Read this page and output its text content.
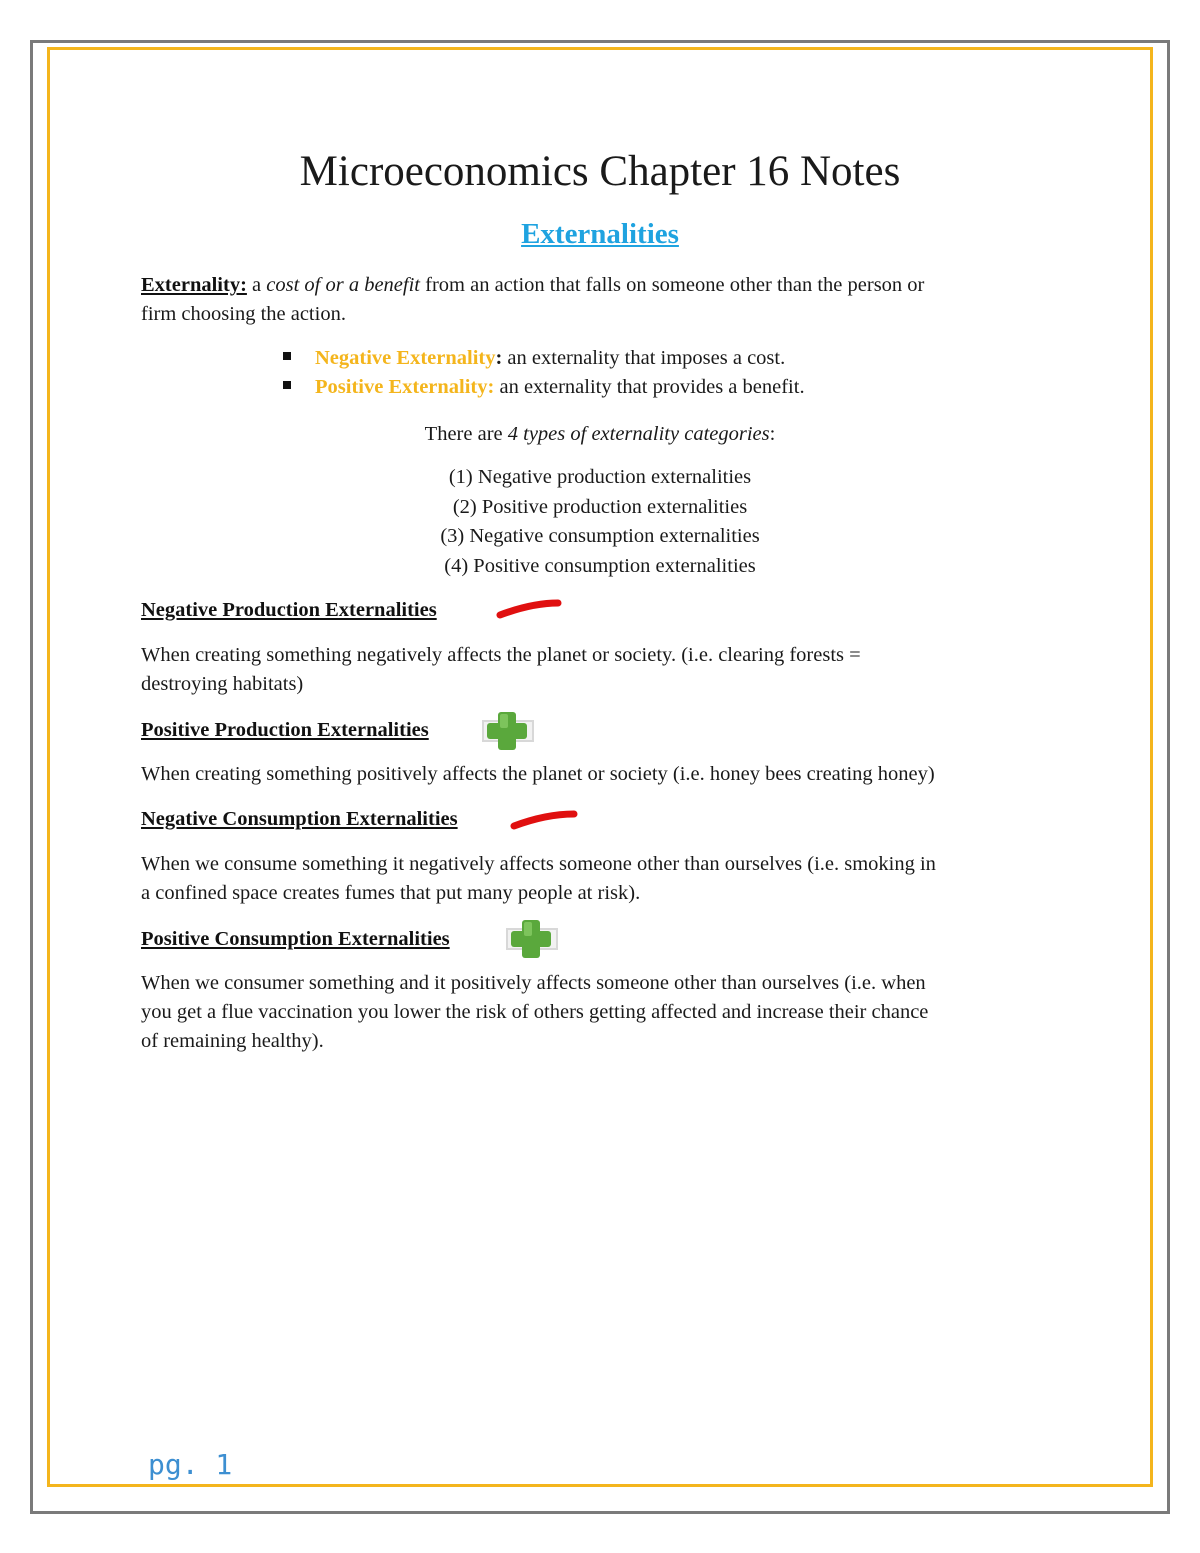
Microeconomics Chapter 16 Notes
Externalities
Externality: a cost of or a benefit from an action that falls on someone other than the person or
firm choosing the action.
Negative Externality: an externality that imposes a cost.
Positive Externality: an externality that provides a benefit.
There are 4 types of externality categories:
(1) Negative production externalities
(2) Positive production externalities
(3) Negative consumption externalities
(4) Positive consumption externalities
Negative Production Externalities
When creating something negatively affects the planet or society. (i.e. clearing forests =
destroying habitats)
Positive Production Externalities
When creating something positively affects the planet or society (i.e. honey bees creating honey)
Negative Consumption Externalities
When we consume something it negatively affects someone other than ourselves (i.e. smoking in
a confined space creates fumes that put many people at risk).
Positive Consumption Externalities
When we consumer something and it positively affects someone other than ourselves (i.e. when
you get a flue vaccination you lower the risk of others getting affected and increase their chance
of remaining healthy).
pg. 1
